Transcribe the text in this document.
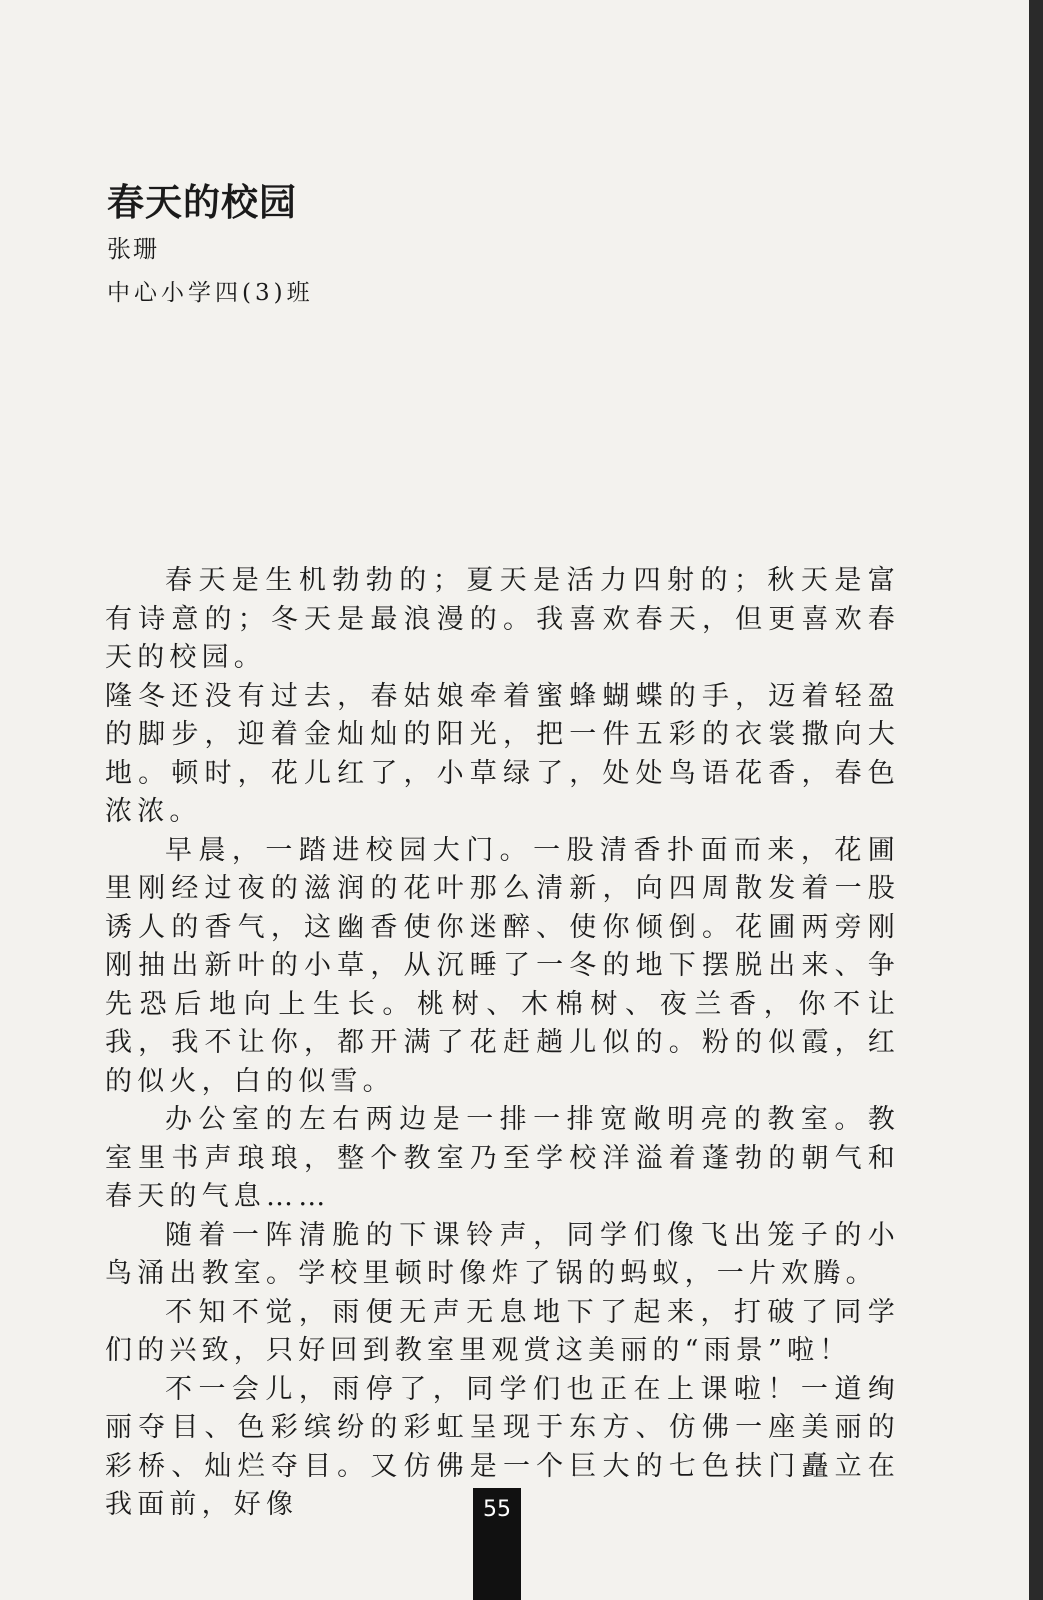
春天的校园
张珊
中心小学四(3)班

春天是生机勃勃的；夏天是活力四射的；秋天是富有诗意的；冬天是最浪漫的。我喜欢春天，但更喜欢春天的校园。

隆冬还没有过去，春姑娘牵着蜜蜂蝴蝶的手，迈着轻盈的脚步，迎着金灿灿的阳光，把一件五彩的衣裳撒向大地。顿时，花儿红了，小草绿了，处处鸟语花香，春色浓浓。

早晨，一踏进校园大门。一股清香扑面而来，花圃里刚经过夜的滋润的花叶那么清新，向四周散发着一股诱人的香气，这幽香使你迷醉、使你倾倒。花圃两旁刚刚抽出新叶的小草，从沉睡了一冬的地下摆脱出来、争先恐后地向上生长。桃树、木棉树、夜兰香，你不让我，我不让你，都开满了花赶趟儿似的。粉的似霞，红的似火，白的似雪。

办公室的左右两边是一排一排宽敞明亮的教室。教室里书声琅琅，整个教室乃至学校洋溢着蓬勃的朝气和春天的气息……

随着一阵清脆的下课铃声，同学们像飞出笼子的小鸟涌出教室。学校里顿时像炸了锅的蚂蚁，一片欢腾。

不知不觉，雨便无声无息地下了起来，打破了同学们的兴致，只好回到教室里观赏这美丽的“雨景”啦！

不一会儿，雨停了，同学们也正在上课啦！一道绚丽夺目、色彩缤纷的彩虹呈现于东方、仿佛一座美丽的彩桥、灿烂夺目。又仿佛是一个巨大的七色扶门矗立在我面前，好像	55
